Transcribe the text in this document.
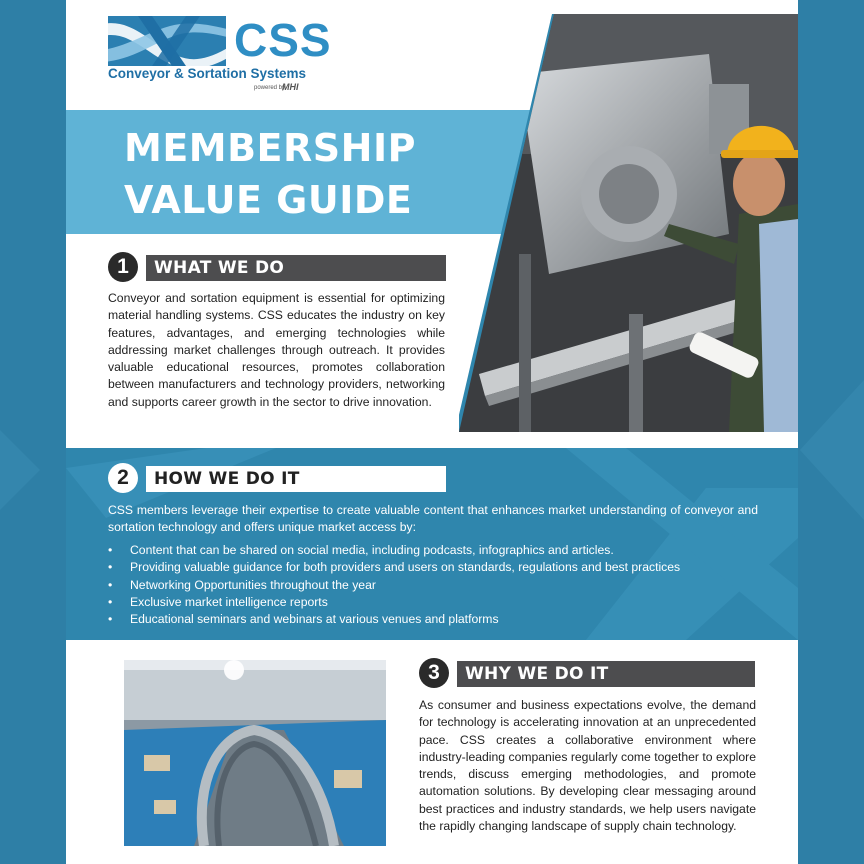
CSS
Conveyor & Sortation Systems
powered by
MHI
MEMBERSHIP
VALUE GUIDE
1	WHAT WE DO
Conveyor and sortation equipment is essential for optimizing material handling systems. CSS educates the industry on key features, advantages, and emerging technologies while addressing market challenges through outreach. It provides valuable educational resources, promotes collaboration between manufacturers and technology providers, networking and supports career growth in the sector to drive innovation.
2	HOW WE DO IT
CSS members leverage their expertise to create valuable content that enhances market understanding of conveyor and sortation technology and offers unique market access by:
• Content that can be shared on social media, including podcasts, infographics and articles.
• Providing valuable guidance for both providers and users on standards, regulations and best practices
• Networking Opportunities throughout the year
• Exclusive market intelligence reports
• Educational seminars and webinars at various venues and platforms
3	WHY WE DO IT
As consumer and business expectations evolve, the demand for technology is accelerating innovation at an unprecedented pace. CSS creates a collaborative environment where industry-leading companies regularly come together to explore trends, discuss emerging methodologies, and promote automation solutions. By developing clear messaging around best practices and industry standards, we help users navigate the rapidly changing landscape of supply chain technology.
